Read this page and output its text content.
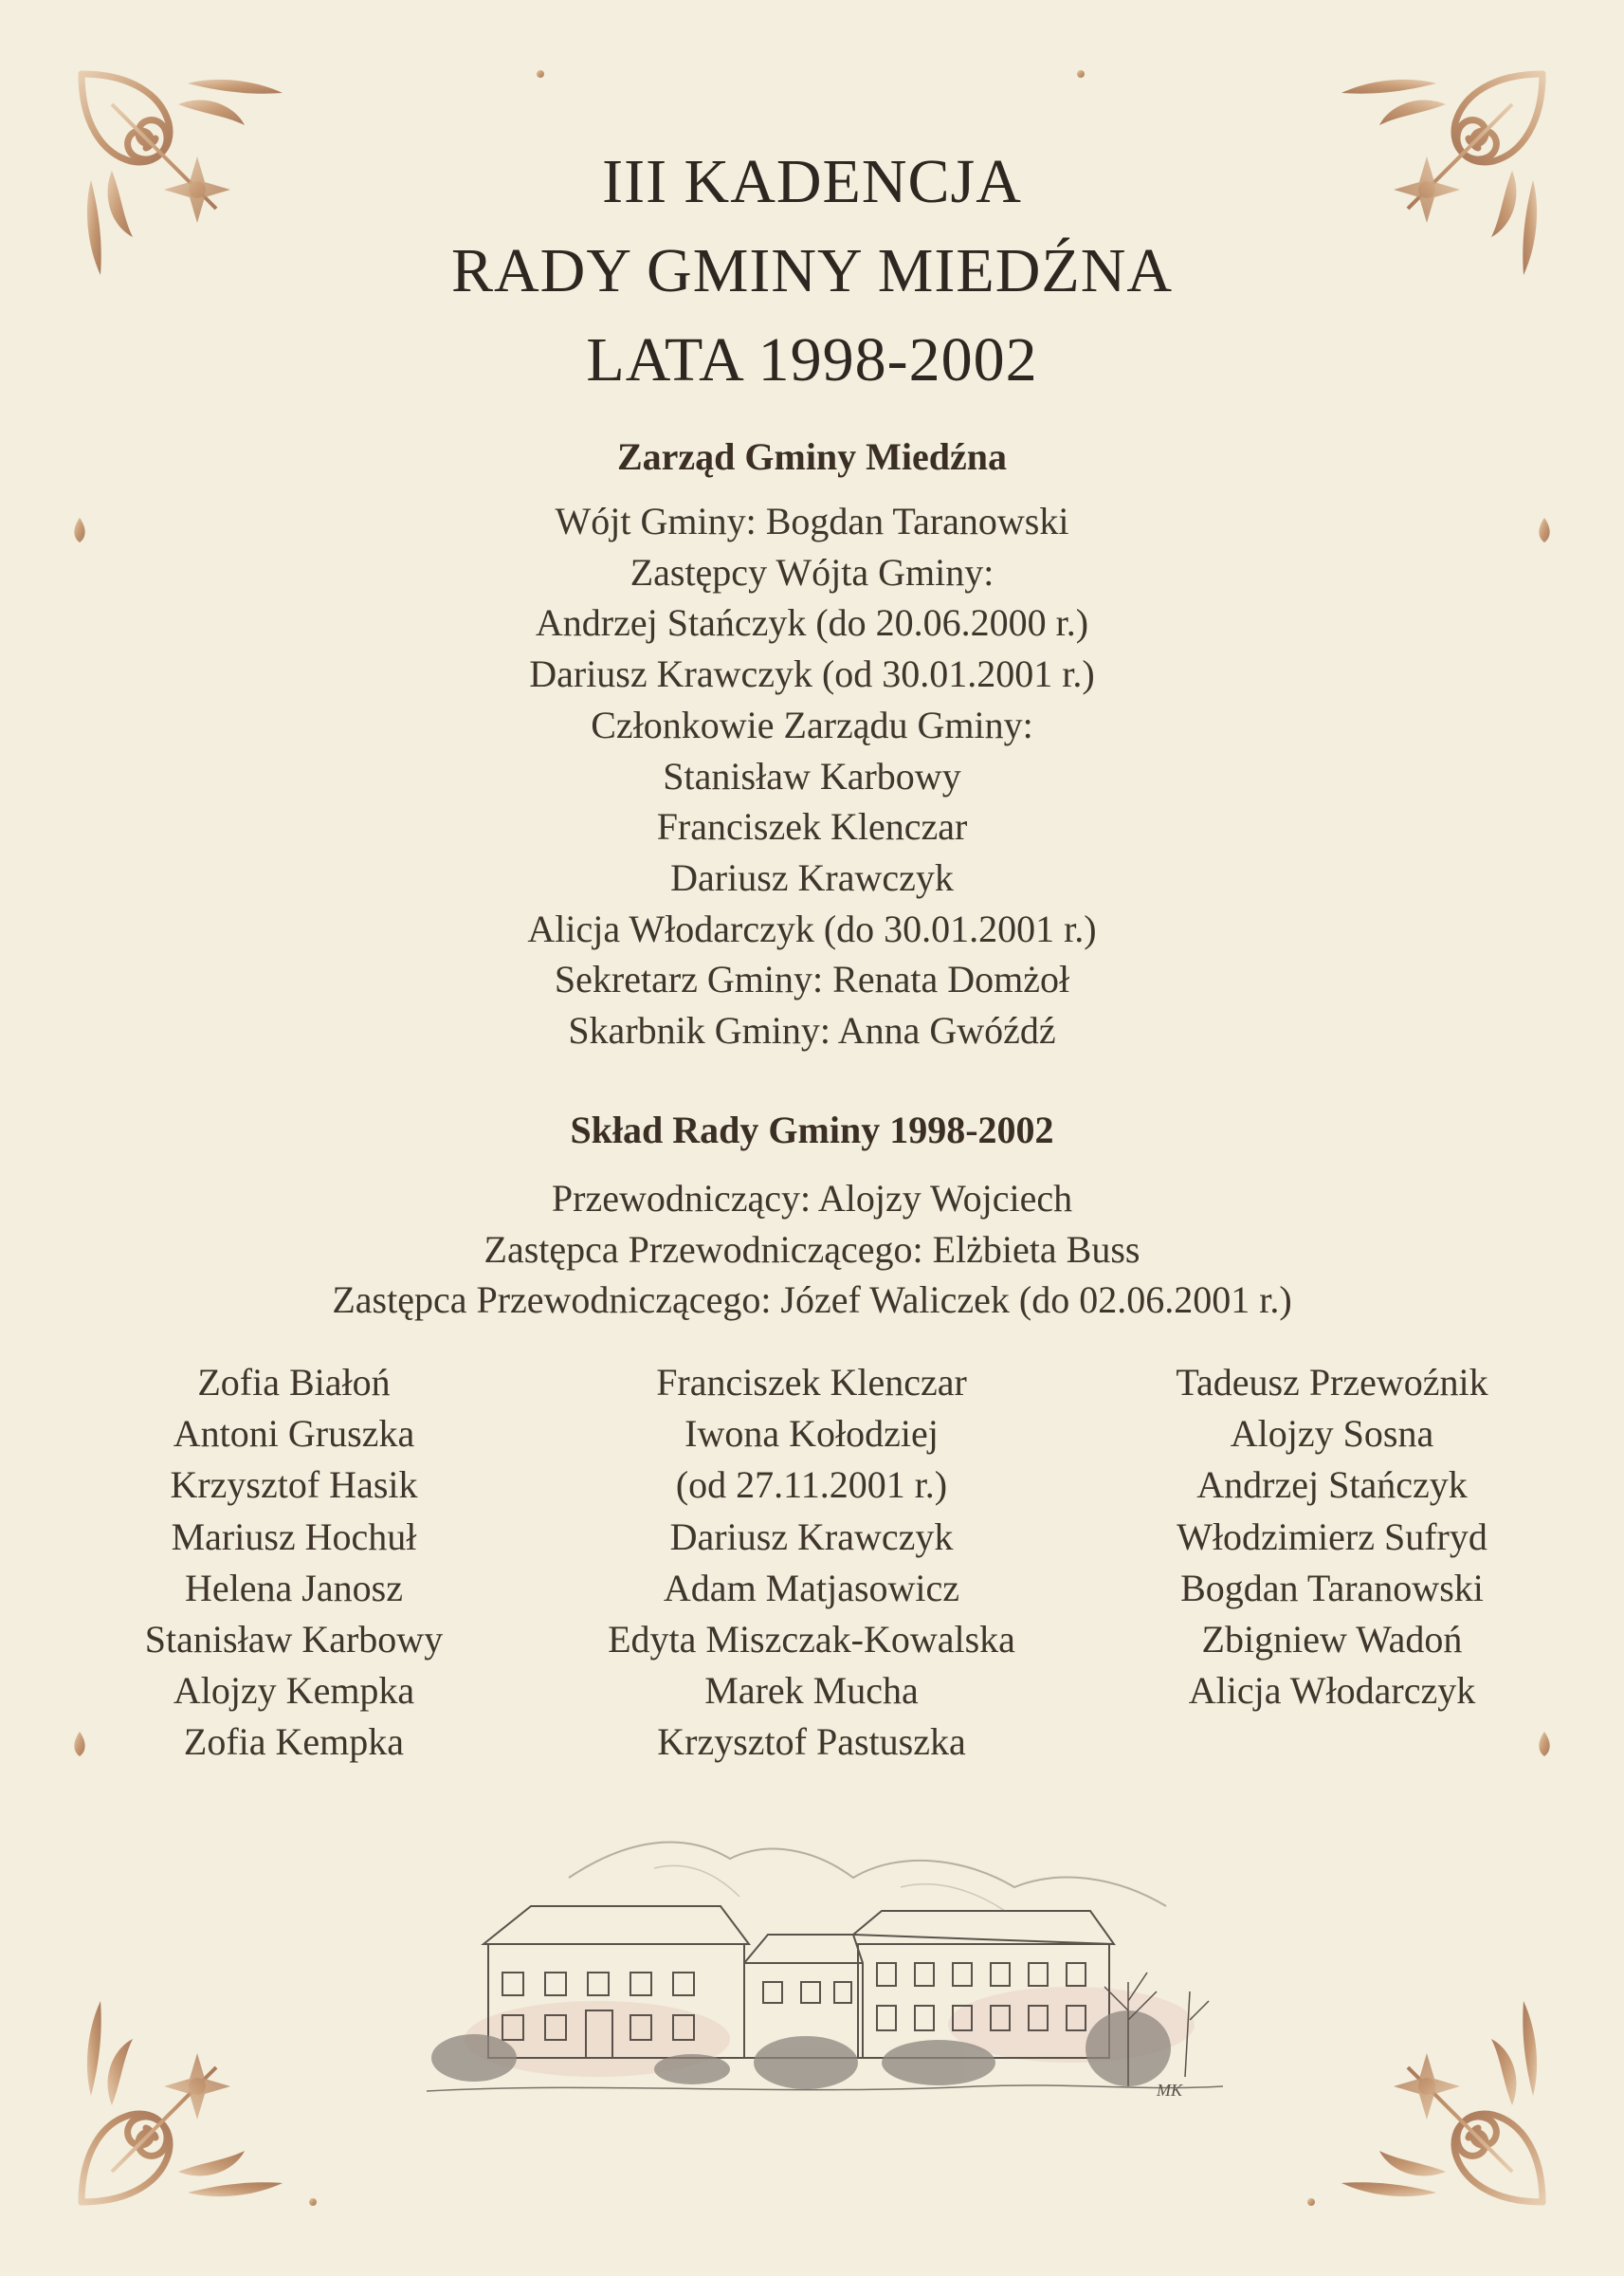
III KADENCJA
RADY GMINY MIEDŹNA
LATA 1998-2002
Zarząd Gminy Miedźna
Wójt Gminy: Bogdan Taranowski
Zastępcy Wójta Gminy:
Andrzej Stańczyk (do 20.06.2000 r.)
Dariusz Krawczyk (od 30.01.2001 r.)
Członkowie Zarządu Gminy:
Stanisław Karbowy
Franciszek Klenczar
Dariusz Krawczyk
Alicja Włodarczyk (do 30.01.2001 r.)
Sekretarz Gminy: Renata Domżoł
Skarbnik Gminy: Anna Gwóźdź
Skład Rady Gminy 1998-2002
Przewodniczący: Alojzy Wojciech
Zastępca Przewodniczącego: Elżbieta Buss
Zastępca Przewodniczącego: Józef Waliczek (do 02.06.2001 r.)
Zofia Białoń
Antoni Gruszka
Krzysztof Hasik
Mariusz Hochuł
Helena Janosz
Stanisław Karbowy
Alojzy Kempka
Zofia Kempka
Franciszek Klenczar
Iwona Kołodziej
(od 27.11.2001 r.)
Dariusz Krawczyk
Adam Matjasowicz
Edyta Miszczak-Kowalska
Marek Mucha
Krzysztof Pastuszka
Tadeusz Przewoźnik
Alojzy Sosna
Andrzej Stańczyk
Włodzimierz Sufryd
Bogdan Taranowski
Zbigniew Wadoń
Alicja Włodarczyk
MK
